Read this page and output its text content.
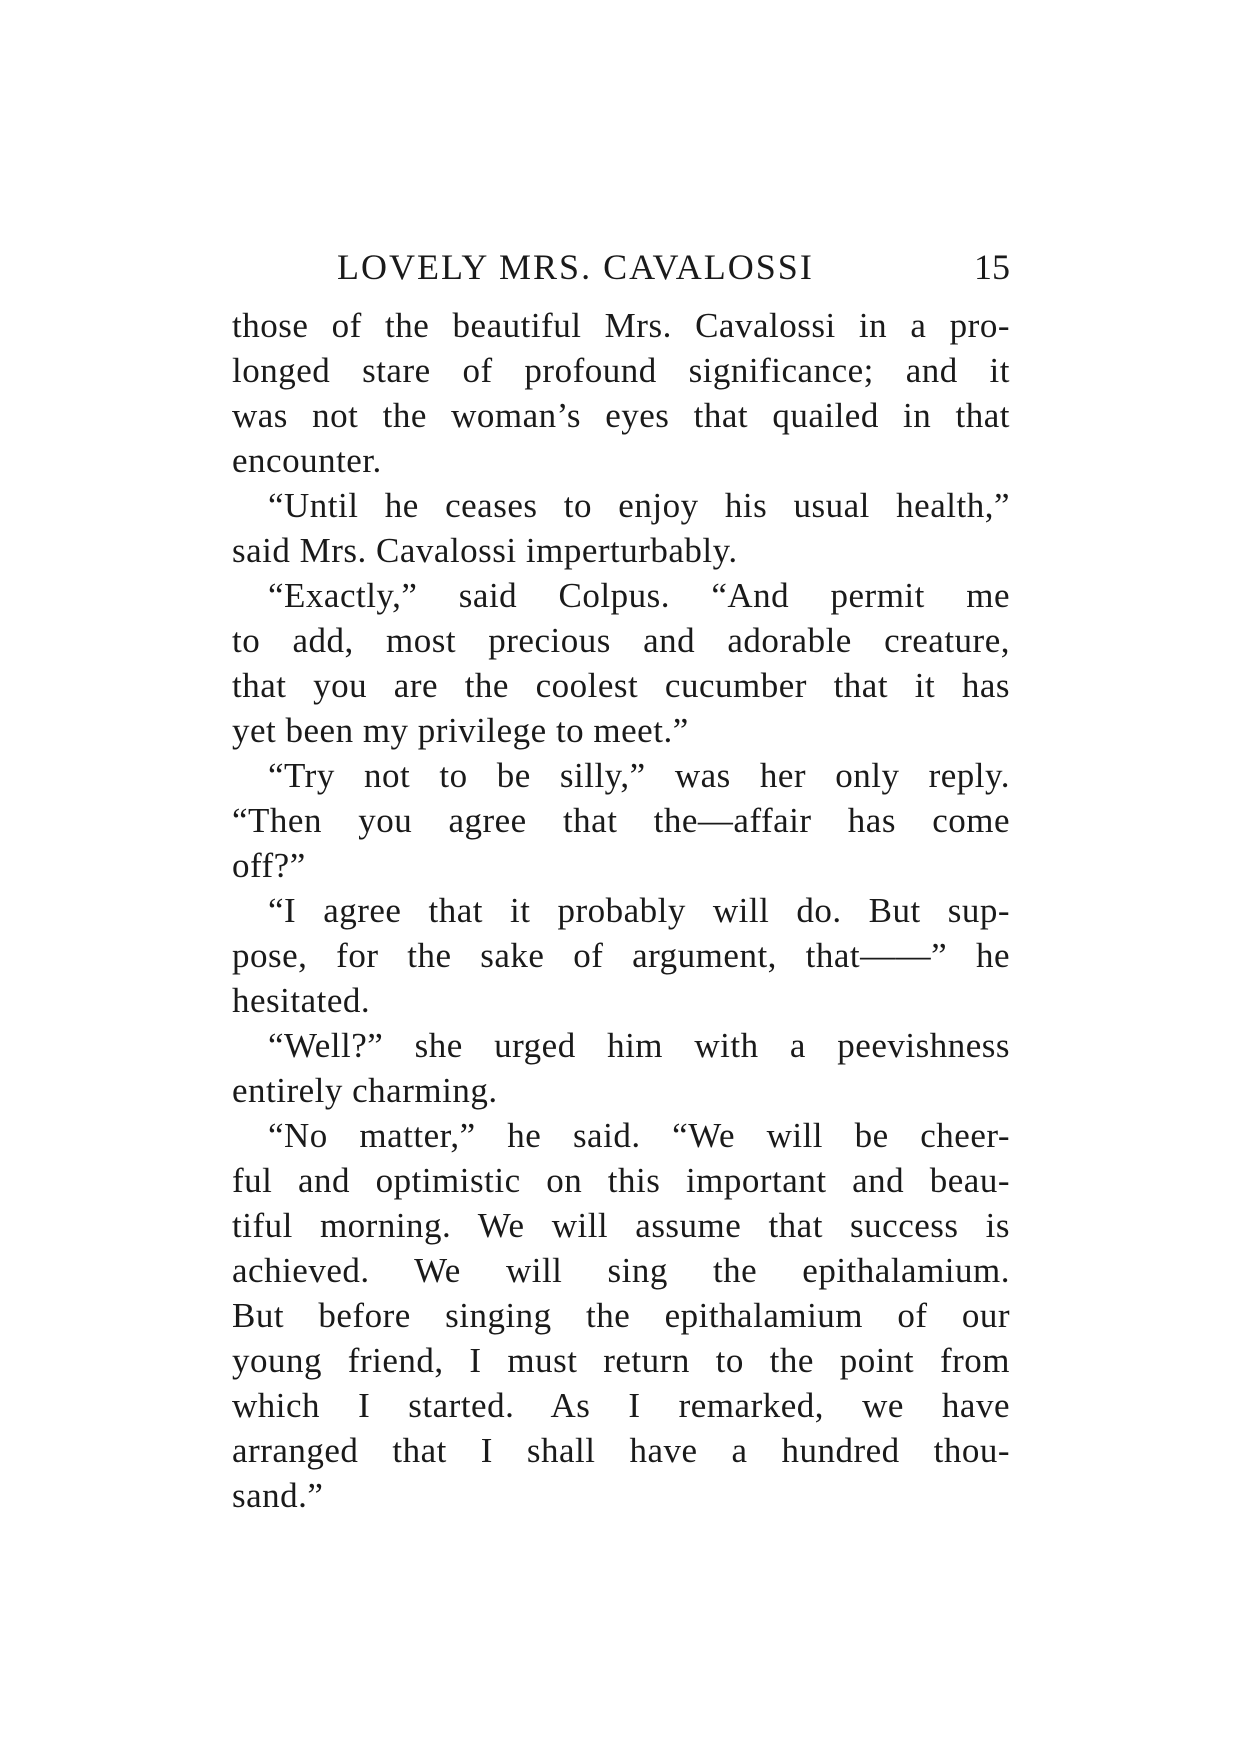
LOVELY MRS. CAVALOSSI	15
those of the beautiful Mrs. Cavalossi in a pro-
longed stare of profound significance; and it
was not the woman’s eyes that quailed in that
encounter.
“Until he ceases to enjoy his usual health,”
said Mrs. Cavalossi imperturbably.
“Exactly,” said Colpus. “And permit me
to add, most precious and adorable creature,
that you are the coolest cucumber that it has
yet been my privilege to meet.”
“Try not to be silly,” was her only reply.
“Then you agree that the—affair has come
off?”
“I agree that it probably will do. But sup-
pose, for the sake of argument, that——” he
hesitated.
“Well?” she urged him with a peevishness
entirely charming.
“No matter,” he said. “We will be cheer-
ful and optimistic on this important and beau-
tiful morning. We will assume that success is
achieved. We will sing the epithalamium.
But before singing the epithalamium of our
young friend, I must return to the point from
which I started. As I remarked, we have
arranged that I shall have a hundred thou-
sand.”
